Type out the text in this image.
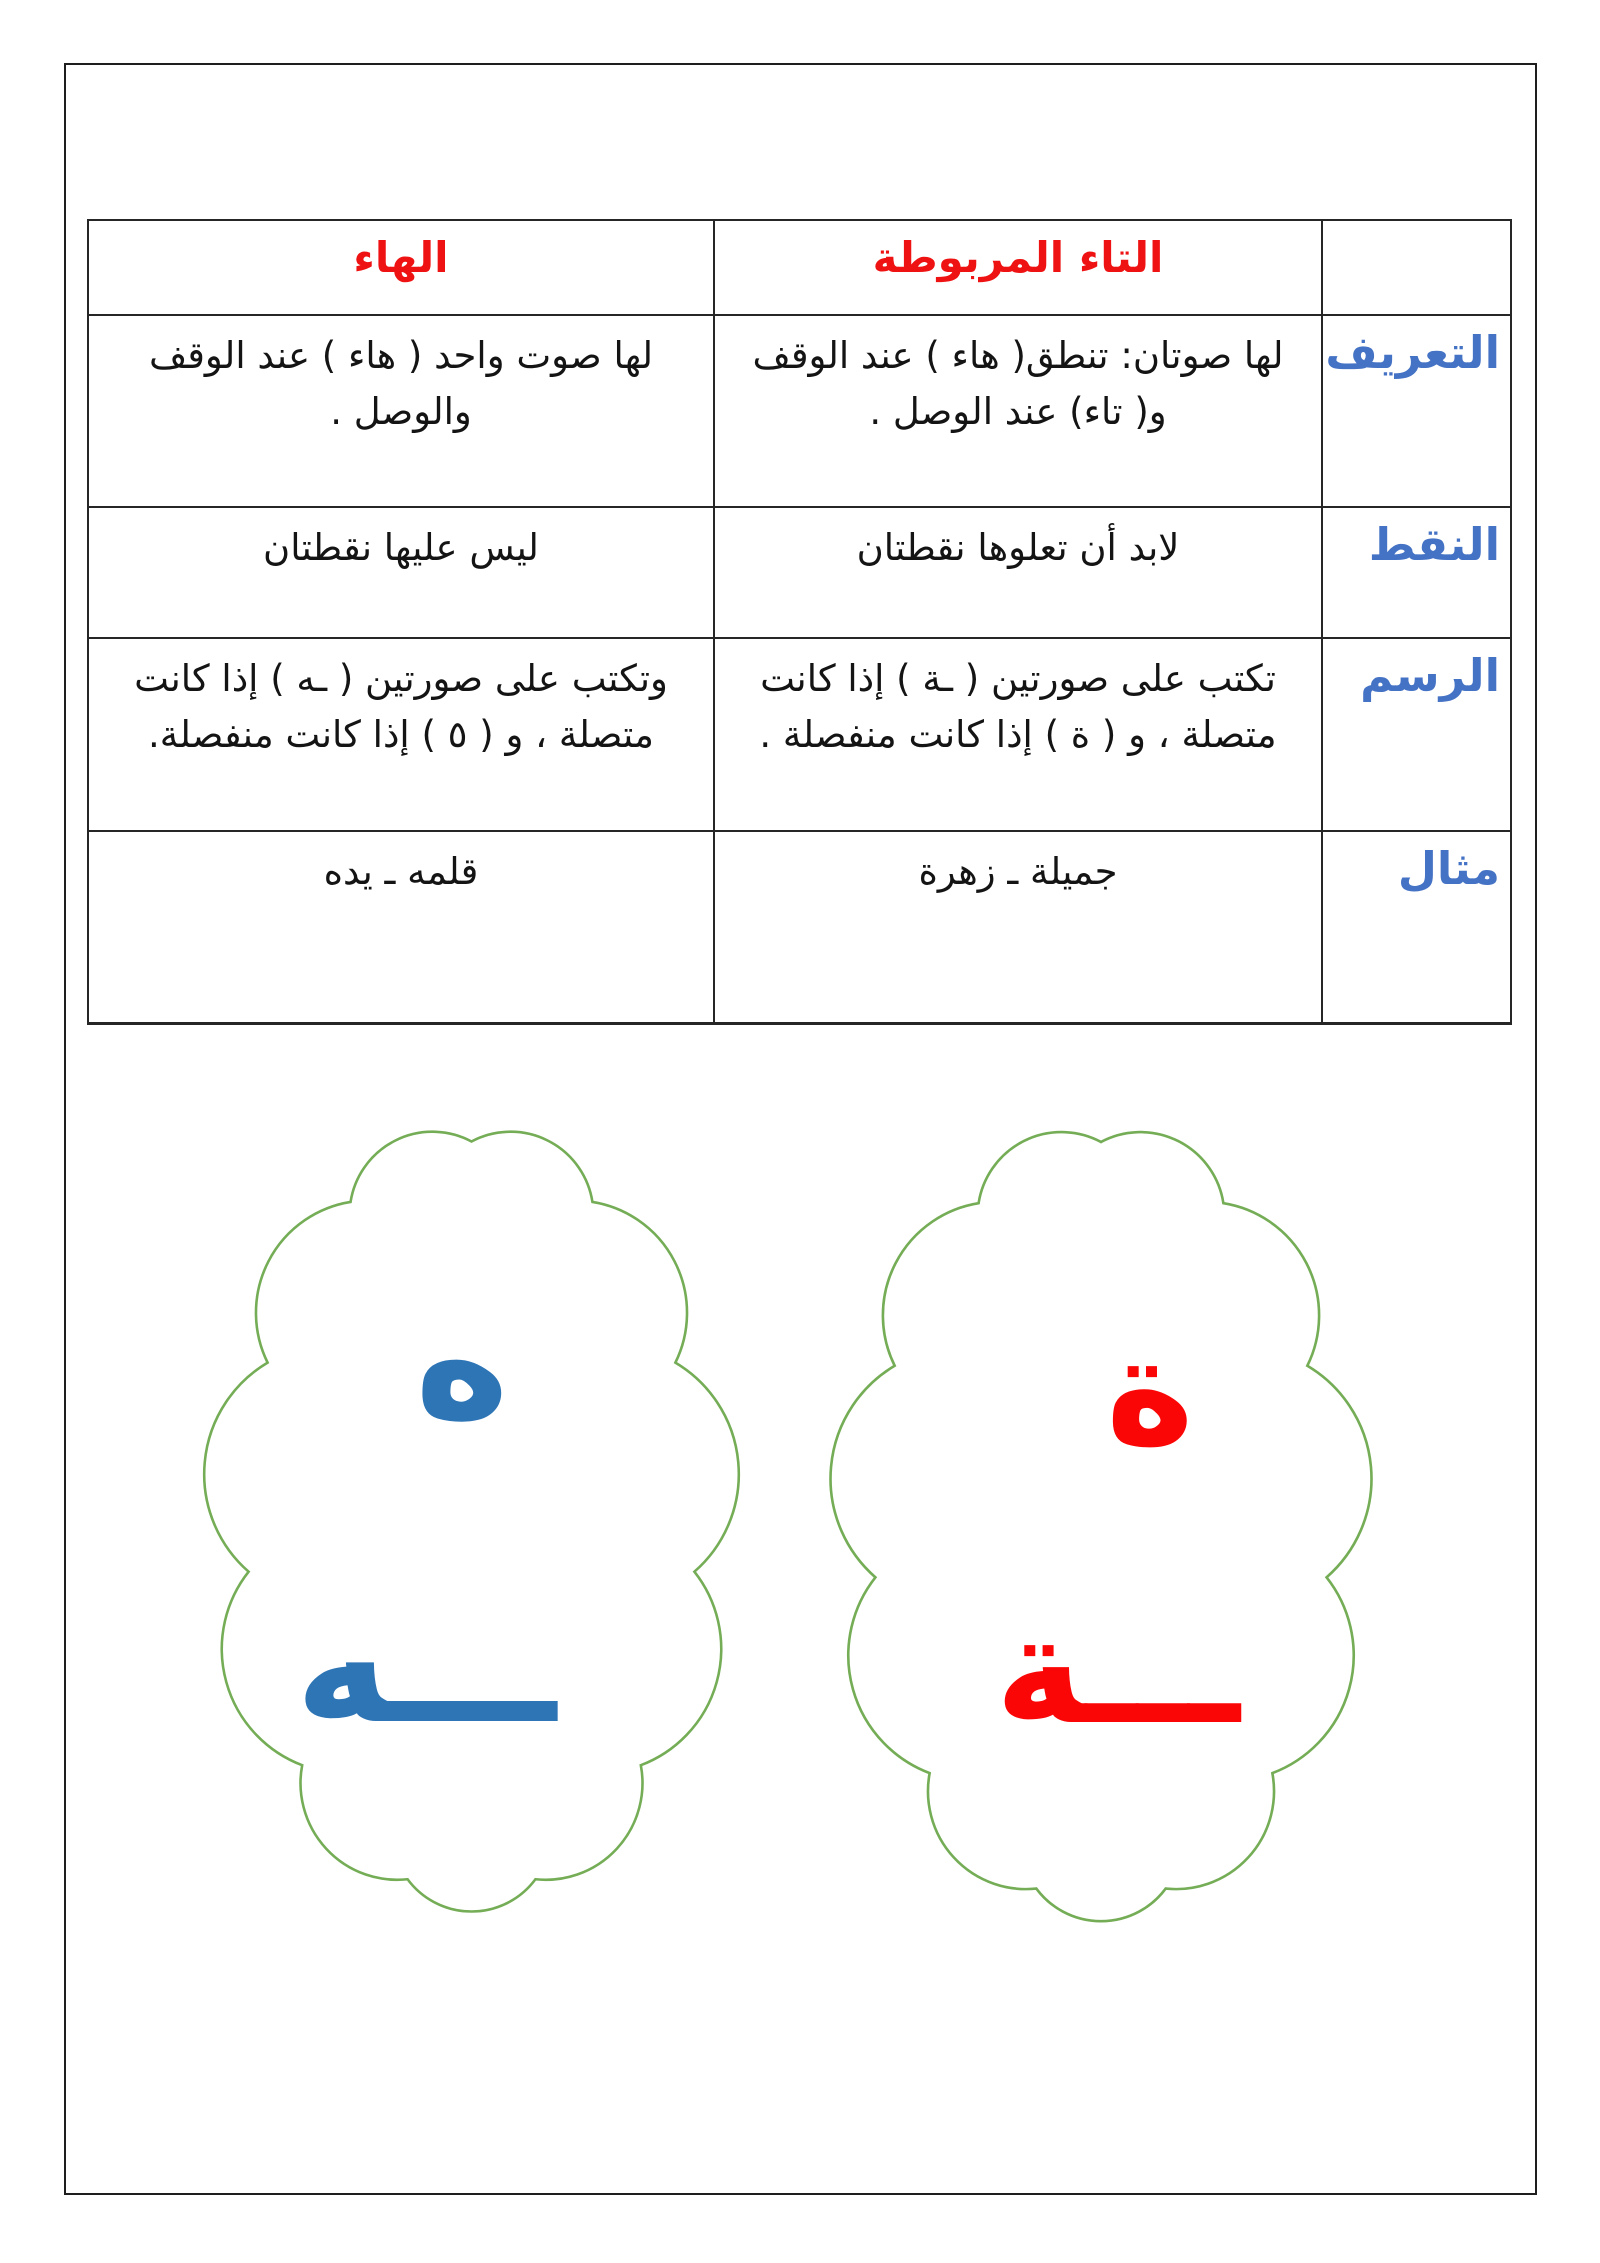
	التاء المربوطة	الهاء
التعريف	لها صوتان: تنطق( هاء ) عند الوقف و( تاء) عند الوصل .	لها صوت واحد ( هاء ) عند الوقف والوصل .
النقط	لابد أن تعلوها نقطتان	ليس عليها نقطتان
الرسم	تكتب على صورتين ( ـة ) إذا كانت متصلة ، و ( ة ) إذا كانت منفصلة .	وتكتب على صورتين ( ـه ) إذا كانت متصلة ، و ( ٥ ) إذا كانت منفصلة.
مثال	جميلة ـ زهرة	قلمه ـ يده
ه
ـــه
ة
ـــة
